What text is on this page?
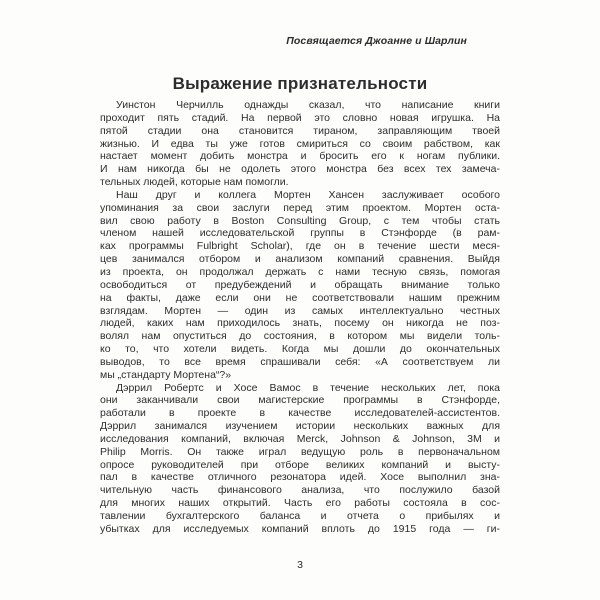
Посвящается Джоанне и Шарлин
Выражение признательности
Уинстон Черчилль однажды сказал, что написание книги
проходит пять стадий. На первой это словно новая игрушка. На
пятой стадии она становится тираном, заправляющим твоей
жизнью. И едва ты уже готов смириться со своим рабством, как
настает момент добить монстра и бросить его к ногам публики.
И нам никогда бы не одолеть этого монстра без всех тех замеча-
тельных людей, которые нам помогли.
Наш друг и коллега Мортен Хансен заслуживает особого
упоминания за свои заслуги перед этим проектом. Мортен оста-
вил свою работу в Boston Consulting Group, с тем чтобы стать
членом нашей исследовательской группы в Стэнфорде (в рам-
ках программы Fulbright Scholar), где он в течение шести меся-
цев занимался отбором и анализом компаний сравнения. Выйдя
из проекта, он продолжал держать с нами тесную связь, помогая
освободиться от предубеждений и обращать внимание только
на факты, даже если они не соответствовали нашим прежним
взглядам. Мортен — один из самых интеллектуально честных
людей, каких нам приходилось знать, посему он никогда не поз-
волял нам опуститься до состояния, в котором мы видели толь-
ко то, что хотели видеть. Когда мы дошли до окончательных
выводов, то все время спрашивали себя: «А соответствуем ли
мы „стандарту Мортена“?»
Дэррил Робертс и Хосе Вамос в течение нескольких лет, пока
они заканчивали свои магистерские программы в Стэнфорде,
работали в проекте в качестве исследователей-ассистентов.
Дэррил занимался изучением истории нескольких важных для
исследования компаний, включая Merck, Johnson & Johnson, 3M и
Philip Morris. Он также играл ведущую роль в первоначальном
опросе руководителей при отборе великих компаний и высту-
пал в качестве отличного резонатора идей. Хосе выполнил зна-
чительную часть финансового анализа, что послужило базой
для многих наших открытий. Часть его работы состояла в сос-
тавлении бухгалтерского баланса и отчета о прибылях и
убытках для исследуемых компаний вплоть до 1915 года — ги-
3
